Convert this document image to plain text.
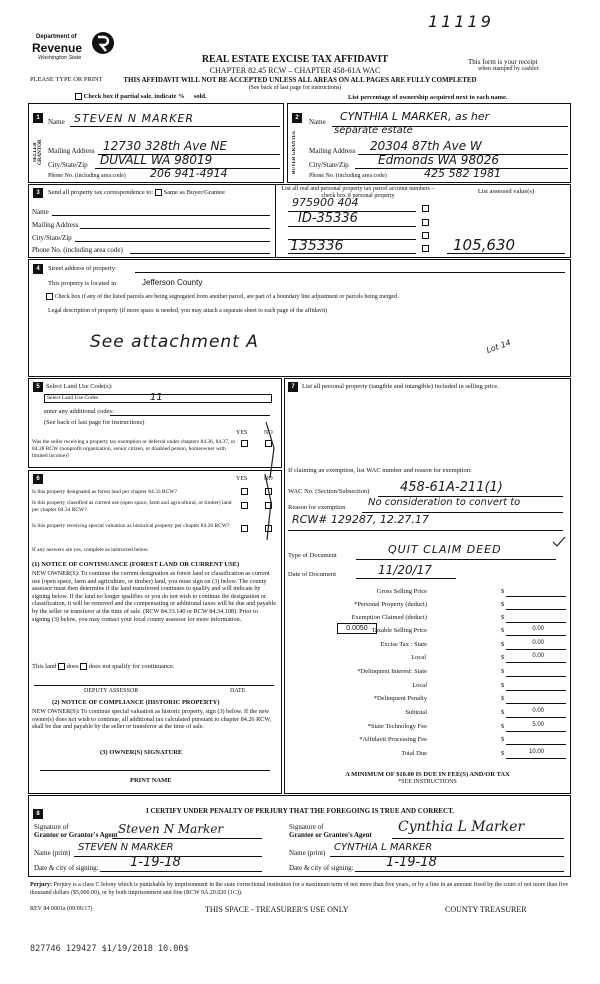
11119
Department of
Revenue
Washington State	REAL ESTATE EXCISE TAX AFFIDAVIT
CHAPTER 82.45 RCW – CHAPTER 458-61A WAC
PLEASE TYPE OR PRINT	THIS AFFIDAVIT WILL NOT BE ACCEPTED UNLESS ALL AREAS ON ALL PAGES ARE FULLY COMPLETED
(See back of last page for instructions)
This form is your receipt
when stamped by cashier.
Check box if partial sale, indicate % sold.	List percentage of ownership acquired next to each name.
1
SELLER GRANTOR
Name STEVEN N MARKER
Mailing Address 12730 328th Ave NE
City/State/Zip DUVALL WA 98019
Phone No. (including area code) 206 941-4914
2
BUYER GRANTEE
Name CYNTHIA L MARKER, as her
separate estate
Mailing Address 20304 87th Ave W
City/State/Zip Edmonds WA 98026
Phone No. (including area code)	425 582 1981
3	Send all property tax correspondence to: Same as Buyer/Grantee
Name
Mailing Address
City/State/Zip
Phone No. (including area code)
List all real and personal property tax parcel account numbers – check box if personal property
List assessed value(s)
975900 404
ID-35336
135336	105,630
4	Street address of property:
This property is located in	Jefferson County
Check box if any of the listed parcels are being segregated from another parcel, are part of a boundary line adjustment or parcels being merged.
Legal description of property (if more space is needed, you may attach a separate sheet to each page of the affidavit)
See attachment A	Lot 14
5 Select Land Use Code(s):
Select Land Use Codes	11
enter any additional codes:
(See back of last page for instructions)
YES	NO
Was the seller receiving a property tax exemption or deferral under chapters 84.36, 84.37, or 84.38 RCW (nonprofit organization, senior citizen, or disabled person, homeowner with limited income)?
6	YES	NO
Is this property designated as forest land per chapter 84.33 RCW?
Is this property classified as current use (open space, farm and agricultural, or timber) land per chapter 84.34 RCW?
Is this property receiving special valuation as historical property per chapter 84.26 RCW?
If any answers are yes, complete as instructed below.
(1) NOTICE OF CONTINUANCE (FOREST LAND OR CURRENT USE)
NEW OWNER(S): To continue the current designation as forest land or classification as current use (open space, farm and agriculture, or timber) land, you must sign on (3) below. The county assessor must then determine if the land transferred continues to qualify and will indicate by signing below. If the land no longer qualifies or you do not wish to continue the designation or classification, it will be removed and the compensating or additional taxes will be due and payable by the seller or transferor at the time of sale. (RCW 84.33.140 or RCW 84.34.108). Prior to signing (3) below, you may contact your local county assessor for more information.
This land does does not qualify for continuance.
DEPUTY ASSESSOR	DATE
(2) NOTICE OF COMPLIANCE (HISTORIC PROPERTY)
NEW OWNER(S): To continue special valuation as historic property, sign (3) below. If the new owner(s) does not wish to continue, all additional tax calculated pursuant to chapter 84.26 RCW, shall be due and payable by the seller or transferor at the time of sale.
(3) OWNER(S) SIGNATURE
PRINT NAME
7	List all personal property (tangible and intangible) included in selling price.
If claiming an exemption, list WAC number and reason for exemption:
WAC No. (Section/Subsection) 458-61A-211(1)
Reason for exemption No consideration to convert to
RCW# 129287, 12.27.17
Type of Document	QUIT CLAIM DEED
Date of Document	11/20/17
Gross Selling Price	$
*Personal Property (deduct)	$
Exemption Claimed (deduct)	$
Taxable Selling Price	$	0.00
Excise Tax : State	$	0.00
Local	$	0.00
*Delinquent Interest: State	$
Local	$
*Delinquent Penalty	$
Subtotal	$	0.00
*State Technology Fee	$	5.00
*Affidavit Processing Fee	$
Total Due	$	10.00
0.0050
A MINIMUM OF $10.00 IS DUE IN FEE(S) AND/OR TAX
*SEE INSTRUCTIONS
8	I CERTIFY UNDER PENALTY OF PERJURY THAT THE FOREGOING IS TRUE AND CORRECT.
Signature of
Grantor or Grantor's Agent Steven N Marker
Name (print) STEVEN N MARKER
Date & city of signing: 1-19-18
Signature of
Grantee or Grantee's Agent Cynthia L Marker
Name (print) CYNTHIA L MARKER
Date & city of signing: 1-19-18
Perjury: Perjury is a class C felony which is punishable by imprisonment in the state correctional institution for a maximum term of not more than five years, or by a fine in an amount fixed by the court of not more than five thousand dollars ($5,000.00), or by both imprisonment and fine (RCW 9A.20.020 (1C)).
REV 84 0001a (09/06/17)	THIS SPACE - TREASURER'S USE ONLY	COUNTY TREASURER
827746 129427 $1/19/2018 10.00$
